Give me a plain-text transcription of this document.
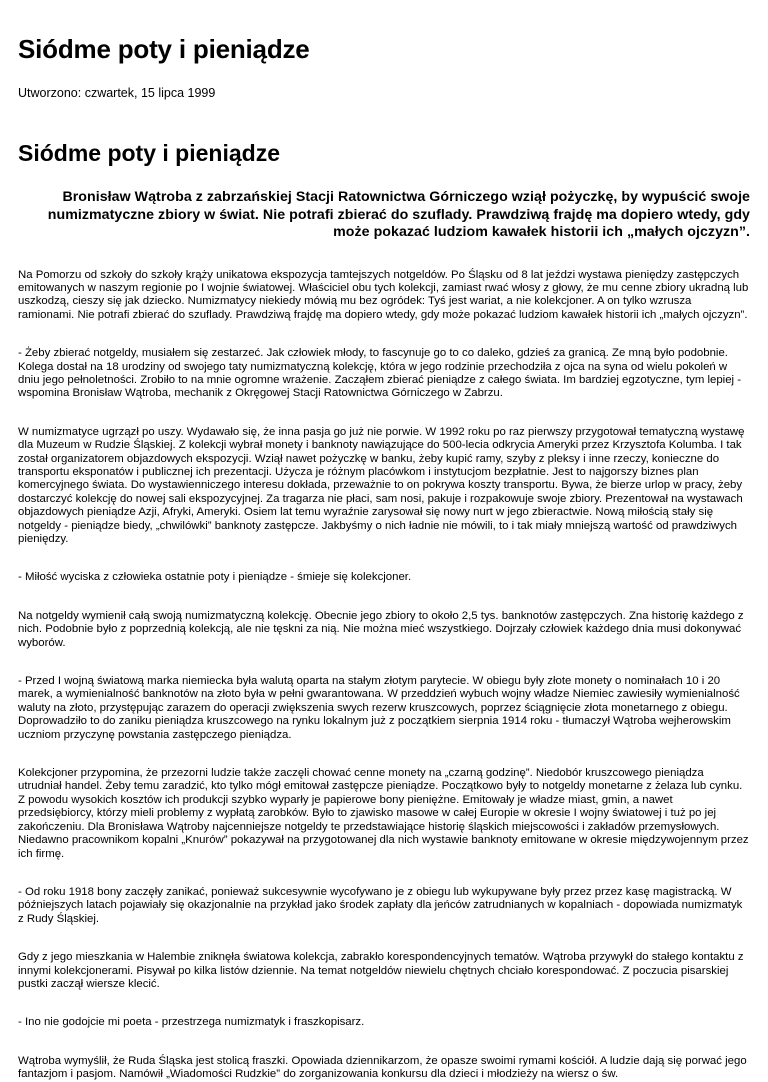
Siódme poty i pieniądze

Utworzono: czwartek, 15 lipca 1999

Siódme poty i pieniądze

Bronisław Wątroba z zabrzańskiej Stacji Ratownictwa Górniczego wziął pożyczkę, by wypuścić swoje numizmatyczne zbiory w świat. Nie potrafi zbierać do szuflady. Prawdziwą frajdę ma dopiero wtedy, gdy może pokazać ludziom kawałek historii ich „małych ojczyzn”.

Na Pomorzu od szkoły do szkoły krąży unikatowa ekspozycja tamtejszych notgeldów. Po Śląsku od 8 lat jeździ wystawa pieniędzy zastępczych emitowanych w naszym regionie po I wojnie światowej. Właściciel obu tych kolekcji, zamiast rwać włosy z głowy, że mu cenne zbiory ukradną lub uszkodzą, cieszy się jak dziecko. Numizmatycy niekiedy mówią mu bez ogródek: Tyś jest wariat, a nie kolekcjoner. A on tylko wzrusza ramionami. Nie potrafi zbierać do szuflady. Prawdziwą frajdę ma dopiero wtedy, gdy może pokazać ludziom kawałek historii ich „małych ojczyzn”.

- Żeby zbierać notgeldy, musiałem się zestarzeć. Jak człowiek młody, to fascynuje go to co daleko, gdzieś za granicą. Ze mną było podobnie. Kolega dostał na 18 urodziny od swojego taty numizmatyczną kolekcję, która w jego rodzinie przechodziła z ojca na syna od wielu pokoleń w dniu jego pełnoletności. Zrobiło to na mnie ogromne wrażenie. Zacząłem zbierać pieniądze z całego świata. Im bardziej egzotyczne, tym lepiej - wspomina Bronisław Wątroba, mechanik z Okręgowej Stacji Ratownictwa Górniczego w Zabrzu.

W numizmatyce ugrzązł po uszy. Wydawało się, że inna pasja go już nie porwie. W 1992 roku po raz pierwszy przygotował tematyczną wystawę dla Muzeum w Rudzie Śląskiej. Z kolekcji wybrał monety i banknoty nawiązujące do 500-lecia odkrycia Ameryki przez Krzysztofa Kolumba. I tak został organizatorem objazdowych ekspozycji. Wziął nawet pożyczkę w banku, żeby kupić ramy, szyby z pleksy i inne rzeczy, konieczne do transportu eksponatów i publicznej ich prezentacji. Użycza je różnym placówkom i instytucjom bezpłatnie. Jest to najgorszy biznes plan komercyjnego świata. Do wystawienniczego interesu dokłada, przeważnie to on pokrywa koszty transportu. Bywa, że bierze urlop w pracy, żeby dostarczyć kolekcję do nowej sali ekspozycyjnej. Za tragarza nie płaci, sam nosi, pakuje i rozpakowuje swoje zbiory. Prezentował na wystawach objazdowych pieniądze Azji, Afryki, Ameryki. Osiem lat temu wyraźnie zarysował się nowy nurt w jego zbieractwie. Nową miłością stały się notgeldy - pieniądze biedy, „chwilówki” banknoty zastępcze. Jakbyśmy o nich ładnie nie mówili, to i tak miały mniejszą wartość od prawdziwych pieniędzy.

- Miłość wyciska z człowieka ostatnie poty i pieniądze - śmieje się kolekcjoner.

Na notgeldy wymienił całą swoją numizmatyczną kolekcję. Obecnie jego zbiory to około 2,5 tys. banknotów zastępczych. Zna historię każdego z nich. Podobnie było z poprzednią kolekcją, ale nie tęskni za nią. Nie można mieć wszystkiego. Dojrzały człowiek każdego dnia musi dokonywać wyborów.

- Przed I wojną światową marka niemiecka była walutą oparta na stałym złotym parytecie. W obiegu były złote monety o nominałach 10 i 20 marek, a wymienialność banknotów na złoto była w pełni gwarantowana. W przeddzień wybuch wojny władze Niemiec zawiesiły wymienialność waluty na złoto, przystępując zarazem do operacji zwiększenia swych rezerw kruszcowych, poprzez ściągnięcie złota monetarnego z obiegu. Doprowadziło to do zaniku pieniądza kruszcowego na rynku lokalnym już z początkiem sierpnia 1914 roku - tłumaczył Wątroba wejherowskim uczniom przyczynę powstania zastępczego pieniądza.

Kolekcjoner przypomina, że przezorni ludzie także zaczęli chować cenne monety na „czarną godzinę”. Niedobór kruszcowego pieniądza utrudniał handel. Żeby temu zaradzić, kto tylko mógł emitował zastępcze pieniądze. Początkowo były to notgeldy monetarne z żelaza lub cynku. Z powodu wysokich kosztów ich produkcji szybko wyparły je papierowe bony pieniężne. Emitowały je władze miast, gmin, a nawet przedsiębiorcy, którzy mieli problemy z wypłatą zarobków. Było to zjawisko masowe w całej Europie w okresie I wojny światowej i tuż po jej zakończeniu. Dla Bronisława Wątroby najcenniejsze notgeldy te przedstawiające historię śląskich miejscowości i zakładów przemysłowych. Niedawno pracownikom kopalni „Knurów” pokazywał na przygotowanej dla nich wystawie banknoty emitowane w okresie międzywojennym przez ich firmę.

- Od roku 1918 bony zaczęły zanikać, ponieważ sukcesywnie wycofywano je z obiegu lub wykupywane były przez przez kasę magistracką. W późniejszych latach pojawiały się okazjonalnie na przykład jako środek zapłaty dla jeńców zatrudnianych w kopalniach - dopowiada numizmatyk z Rudy Śląskiej.

Gdy z jego mieszkania w Halembie zniknęła światowa kolekcja, zabrakło korespondencyjnych tematów. Wątroba przywykł do stałego kontaktu z innymi kolekcjonerami. Pisywał po kilka listów dziennie. Na temat notgeldów niewielu chętnych chciało korespondować. Z poczucia pisarskiej pustki zaczął wiersze klecić.

- Ino nie godojcie mi poeta - przestrzega numizmatyk i fraszkopisarz.

Wątroba wymyślił, że Ruda Śląska jest stolicą fraszki. Opowiada dziennikarzom, że opasze swoimi rymami kościół. A ludzie dają się porwać jego fantazjom i pasjom. Namówił „Wiadomości Rudzkie” do zorganizowania konkursu dla dzieci i młodzieży na wiersz o św.
